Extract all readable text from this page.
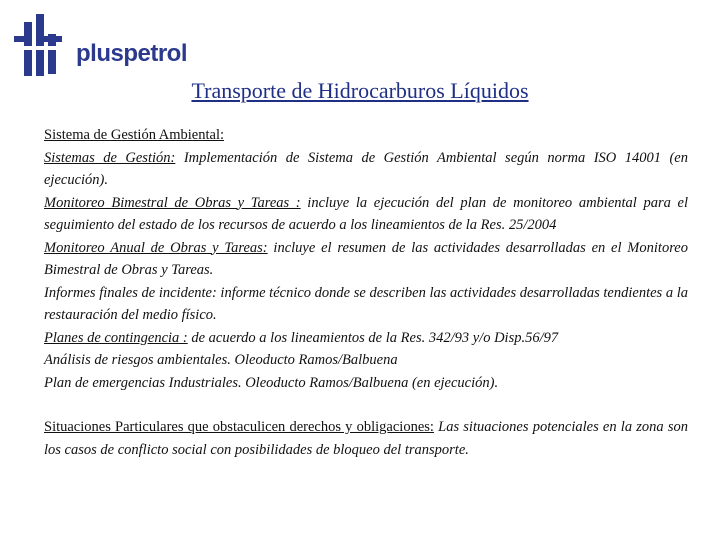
pluspetrol
Transporte de Hidrocarburos Líquidos

Sistema de Gestión Ambiental:

Sistemas de Gestión: Implementación de Sistema de Gestión Ambiental según norma ISO 14001 (en ejecución).

Monitoreo Bimestral de Obras y Tareas : incluye la ejecución del plan de monitoreo ambiental para el seguimiento del estado de los recursos de acuerdo a los lineamientos de la Res. 25/2004

Monitoreo Anual de Obras y Tareas: incluye el resumen de las actividades desarrolladas en el Monitoreo Bimestral de Obras y Tareas.

Informes finales de incidente: informe técnico donde se describen las actividades desarrolladas tendientes a la restauración del medio físico.

Planes de contingencia : de acuerdo a los lineamientos de la Res. 342/93 y/o Disp.56/97

Análisis de riesgos ambientales. Oleoducto Ramos/Balbuena

Plan de emergencias Industriales. Oleoducto Ramos/Balbuena (en ejecución).

Situaciones Particulares que obstaculicen derechos y obligaciones: Las situaciones potenciales en la zona son los casos de conflicto social con posibilidades de bloqueo del transporte.
